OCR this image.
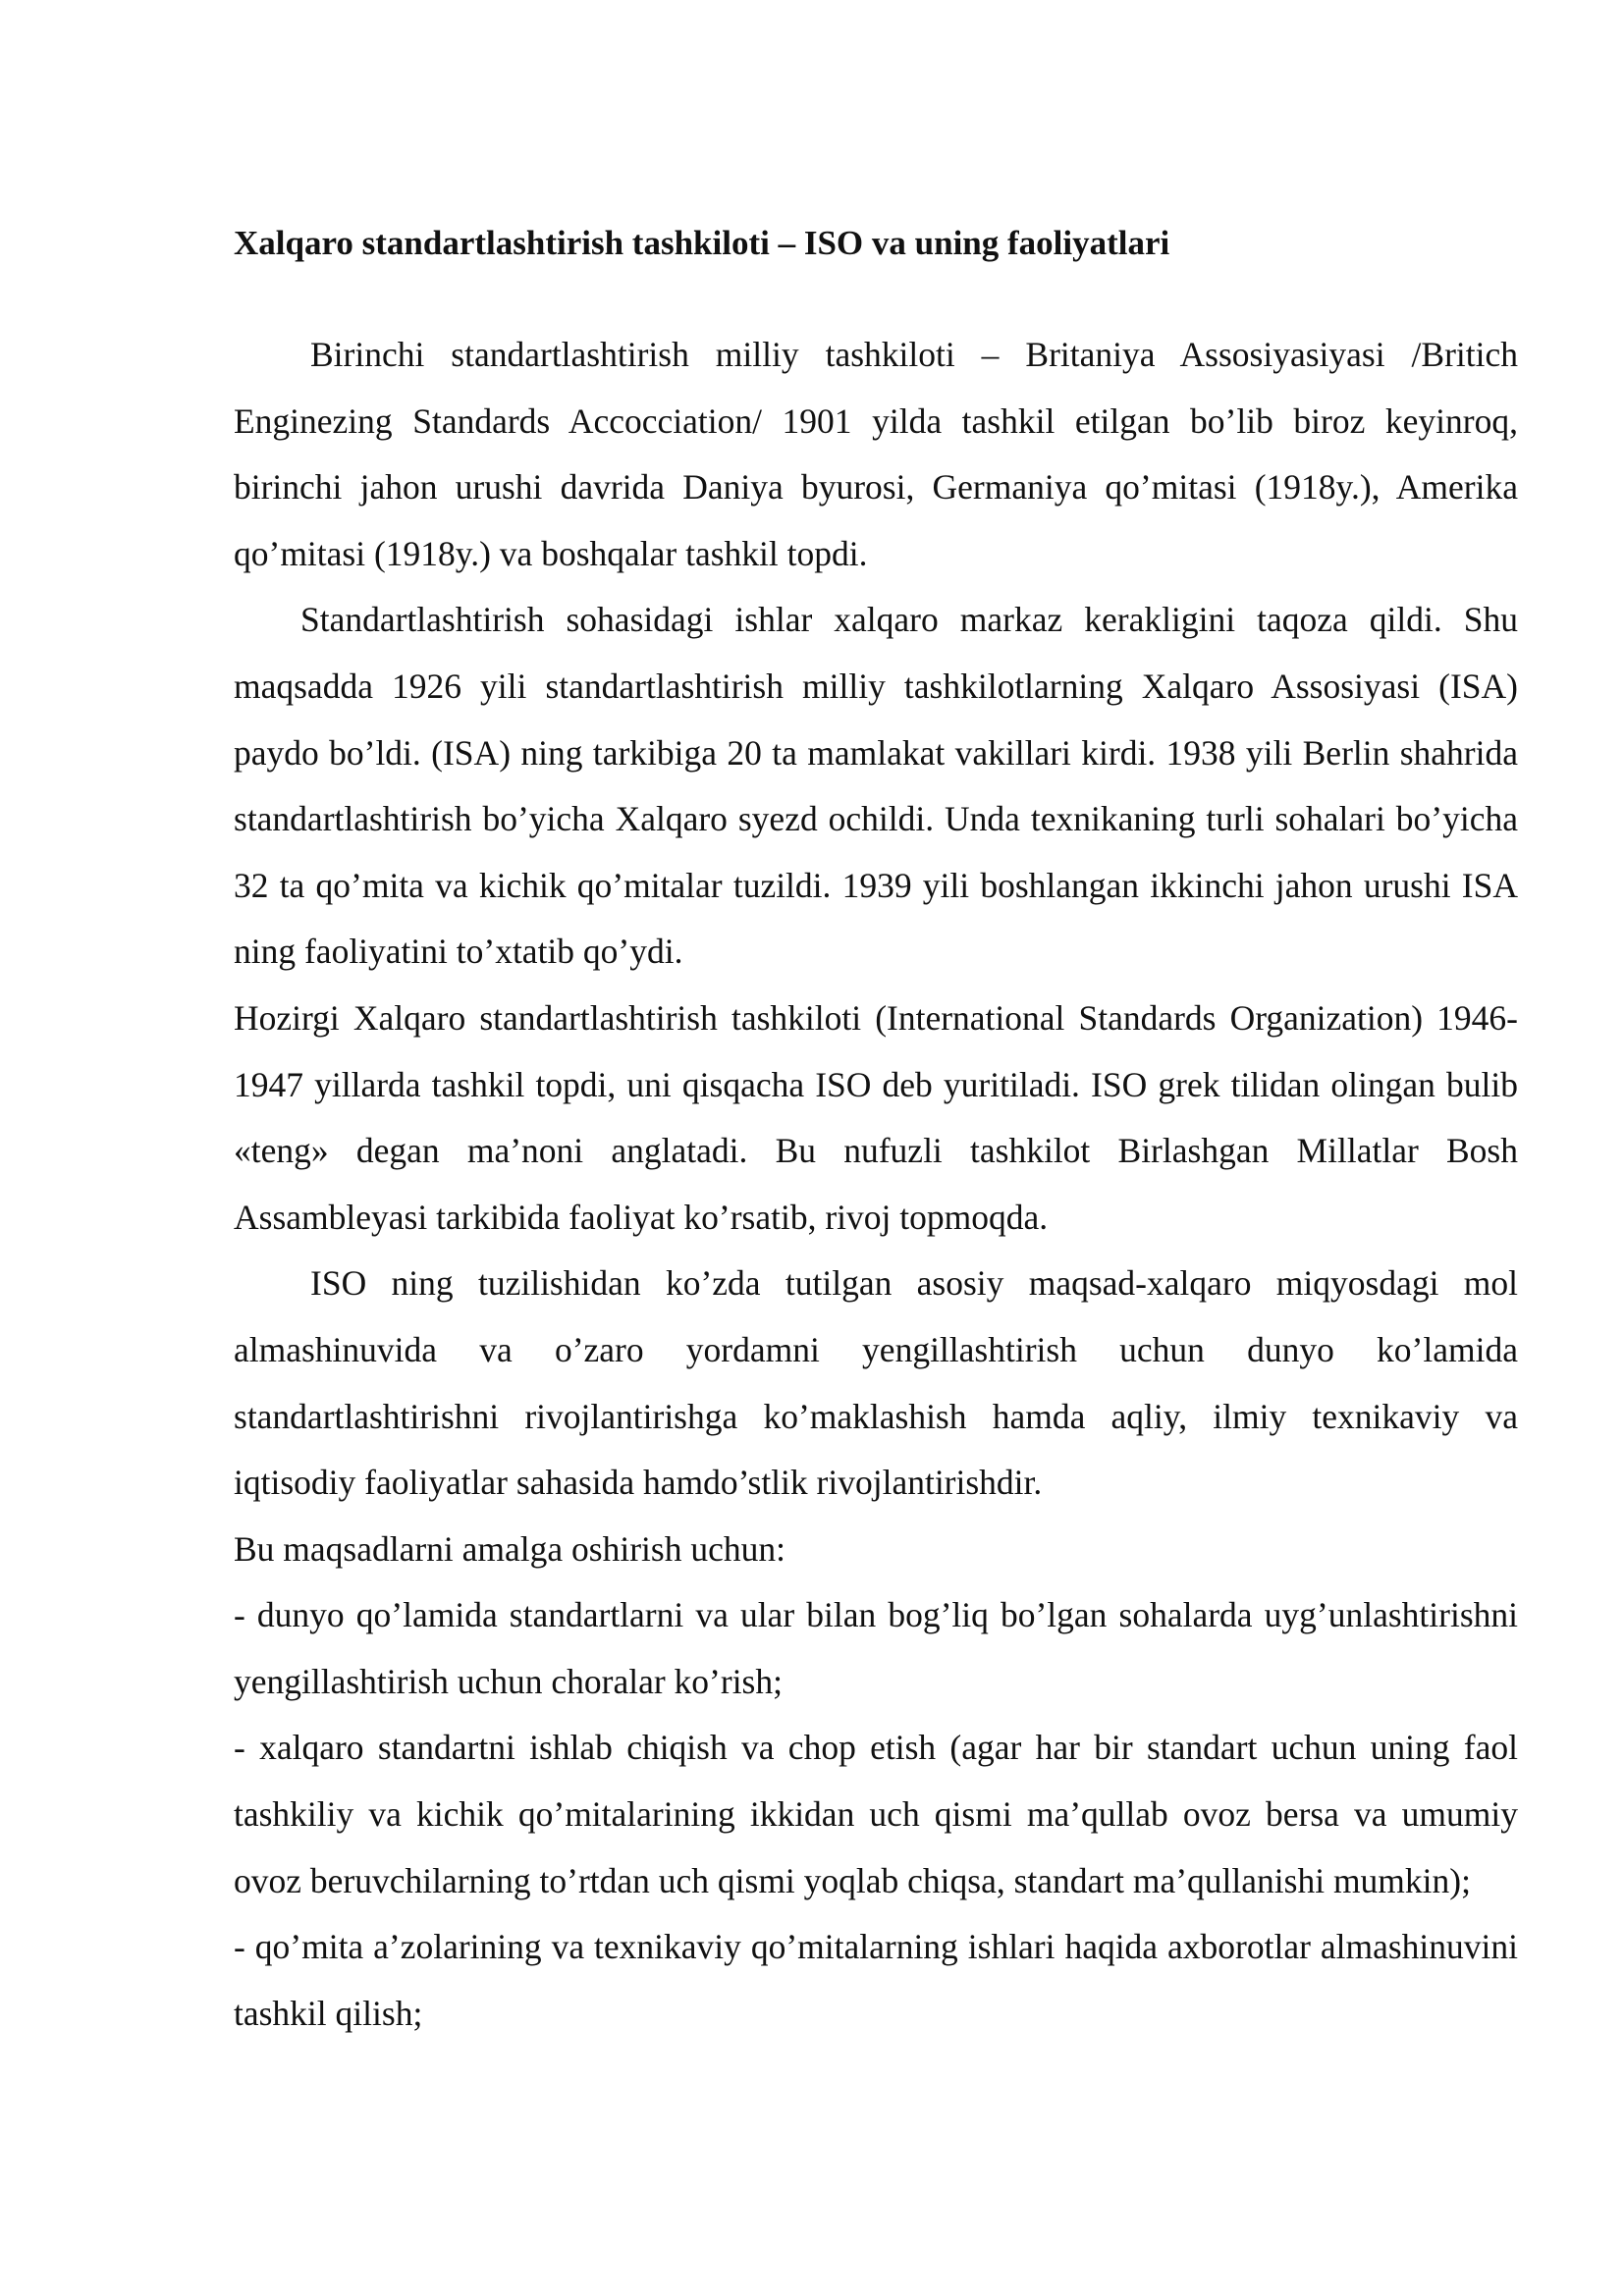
Xalqaro standartlashtirish tashkiloti – ISO va uning faoliyatlari

Birinchi standartlashtirish milliy tashkiloti – Britaniya Assosiyasiyasi /Britich Enginezing Standards Accocciation/ 1901 yilda tashkil etilgan bo’lib biroz keyinroq, birinchi jahon urushi davrida Daniya byurosi, Germaniya qo’mitasi (1918y.), Amerika qo’mitasi (1918y.) va boshqalar tashkil topdi.

Standartlashtirish sohasidagi ishlar xalqaro markaz kerakligini taqoza qildi. Shu maqsadda 1926 yili standartlashtirish milliy tashkilotlarning Xalqaro Assosiyasi (ISA) paydo bo’ldi. (ISA) ning tarkibiga 20 ta mamlakat vakillari kirdi. 1938 yili Berlin shahrida standartlashtirish bo’yicha Xalqaro syezd ochildi. Unda texnikaning turli sohalari bo’yicha 32 ta qo’mita va kichik qo’mitalar tuzildi. 1939 yili boshlangan ikkinchi jahon urushi ISA ning faoliyatini to’xtatib qo’ydi.

Hozirgi Xalqaro standartlashtirish tashkiloti (International Standards Organization) 1946-1947 yillarda tashkil topdi, uni qisqacha ISO deb yuritiladi. ISO grek tilidan olingan bulib «teng» degan ma’noni anglatadi. Bu nufuzli tashkilot Birlashgan Millatlar Bosh Assambleyasi tarkibida faoliyat ko’rsatib, rivoj topmoqda.

ISO ning tuzilishidan ko’zda tutilgan asosiy maqsad-xalqaro miqyosdagi mol almashinuvida va o’zaro yordamni yengillashtirish uchun dunyo ko’lamida standartlashtirishni rivojlantirishga ko’maklashish hamda aqliy, ilmiy texnikaviy va iqtisodiy faoliyatlar sahasida hamdo’stlik rivojlantirishdir.

Bu maqsadlarni amalga oshirish uchun:

- dunyo qo’lamida standartlarni va ular bilan bog’liq bo’lgan sohalarda uyg’unlashtirishni yengillashtirish uchun choralar ko’rish;

- xalqaro standartni ishlab chiqish va chop etish (agar har bir standart uchun uning faol tashkiliy va kichik qo’mitalarining ikkidan uch qismi ma’qullab ovoz bersa va umumiy ovoz beruvchilarning to’rtdan uch qismi yoqlab chiqsa, standart ma’qullanishi mumkin);

- qo’mita a’zolarining va texnikaviy qo’mitalarning ishlari haqida axborotlar almashinuvini tashkil qilish;
